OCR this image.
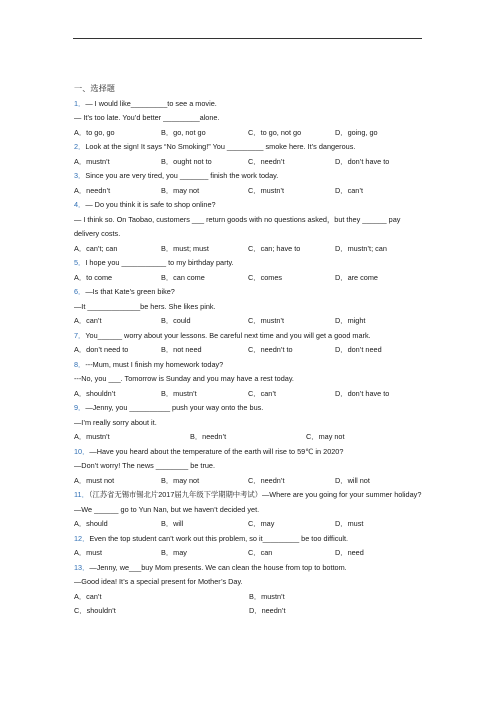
一、选择题
1．— I would like_________to see a movie.
— It’s too late. You’d better _________alone.
A．to go, go	B．go, not go	C．to go, not go	D．going, go
2．Look at the sign! It says “No Smoking!” You _________ smoke here. It’s dangerous.
A．mustn’t	B．ought not to	C．needn’t	D．don’t have to
3．Since you are very tired, you _______ finish the work today.
A．needn’t	B．may not	C．mustn’t	D．can’t
4．— Do you think it is safe to shop online?
— I think so. On Taobao, customers ___ return goods with no questions asked，but they ______ pay delivery costs.
A．can’t; can	B．must; must	C．can; have to	D．mustn’t; can
5．I hope you ___________ to my birthday party.
A．to come	B．can come	C．comes	D．are come
6．—Is that Kate’s green bike?
—It _____________be hers. She likes pink.
A．can’t	B．could	C．mustn’t	D．might
7．You______ worry about your lessons. Be careful next time and you will get a good mark.
A．don’t need to	B．not need	C．needn’t to	D．don’t need
8．---Mum, must I finish my homework today?
---No, you ___. Tomorrow is Sunday and you may have a rest today.
A．shouldn’t	B．mustn’t	C．can’t	D．don’t have to
9．—Jenny, you __________ push your way onto the bus.
—I’m really sorry about it.
A．mustn’t	B．needn’t	C．may not
10．—Have you heard about the temperature of the earth will rise to 59℃ in 2020?
—Don’t worry! The news ________ be true.
A．must not	B．may not	C．needn’t	D．will not
11．（江苏省无锡市锡北片2017届九年级下学期期中考试）—Where are you going for your summer holiday?
—We ______ go to Yun Nan, but we haven’t decided yet.
A．should	B．will	C．may	D．must
12．Even the top student can’t work out this problem, so it_________ be too difficult.
A．must	B．may	C．can	D．need
13．—Jenny, we___buy Mom presents. We can clean the house from top to bottom.
—Good idea! It’s a special present for Mother’s Day.
A．can’t	B．mustn’t
C．shouldn’t	D．needn’t
